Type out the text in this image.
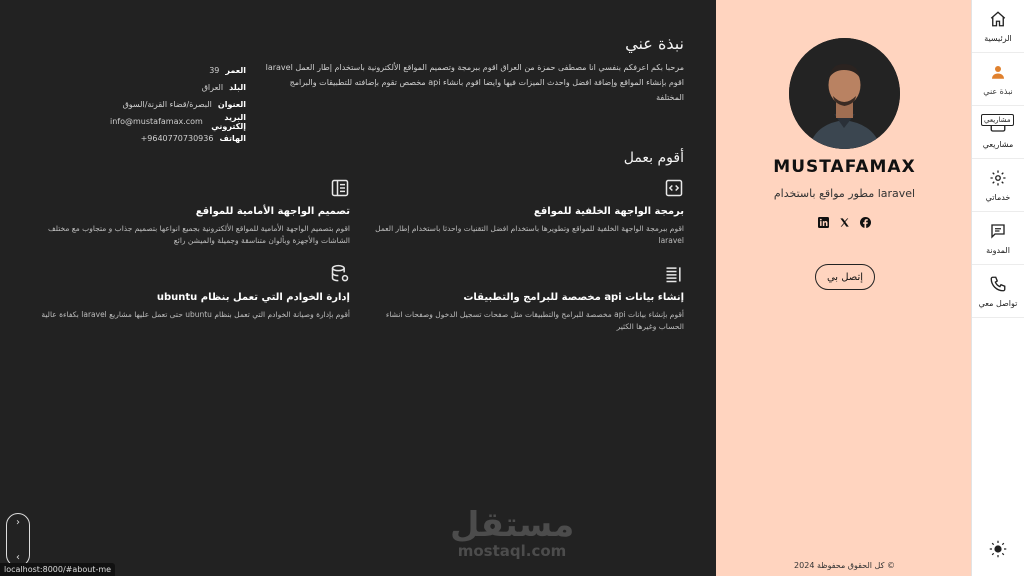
نبذة عني
مرحبا بكم اعرفكم بنفسي انا مصطفى حمزة من العراق اقوم ببرمجة وتصميم المواقع الألكترونية باستخدام إطار العمل laravel اقوم بإنشاء المواقع وإضافة افضل واحدث الميزات فيها وايضا اقوم بانشاء api مخصص تقوم بإضافته للتطبيقات والبرامج المختلفة
العمر
39
البلد
العراق
العنوان
البصرة/قضاء القرنة/السوق
البريد إلكتروني
info@mustafamax.com
الهاتف
+9640770730936
أقوم بعمل
برمجة الواجهة الخلفية للمواقع
اقوم ببرمجة الواجهة الخلفية للمواقع وتطويرها باستخدام افضل التقنيات واحدثا باستخدام إطار العمل laravel
تصميم الواجهة الأمامية للمواقع
اقوم بتصميم الواجهة الأمامية للمواقع الألكترونية بجميع انواعها بتصميم جذاب و متجاوب مع مختلف الشاشات والأجهزة وبألوان متناسقة وجميلة والميشن رائع
إنشاء بيانات api مخصصة للبرامج والتطبيقات
أقوم بإنشاء بيانات api مخصصة للبرامج والتطبيقات مثل صفحات تسجيل الدخول وصفحات انشاء الحساب وغيرها الكثير
إدارة الخوادم التي تعمل بنظام ubuntu
أقوم بإدارة وصيانة الخوادم التي تعمل بنظام ubuntu حتى تعمل عليها مشاريع laravel بكفاءة عالية
مستقل
mostaql.com
›
‹
localhost:8000/#about-me
MUSTAFAMAX
مطور مواقع باستخدام laravel
إتصل بي
كل الحقوق محفوظة 2024 ©
الرئيسية
نبذة عني
مشاريعي
مشاريعي
خدماتي
المدونة
تواصل معي
